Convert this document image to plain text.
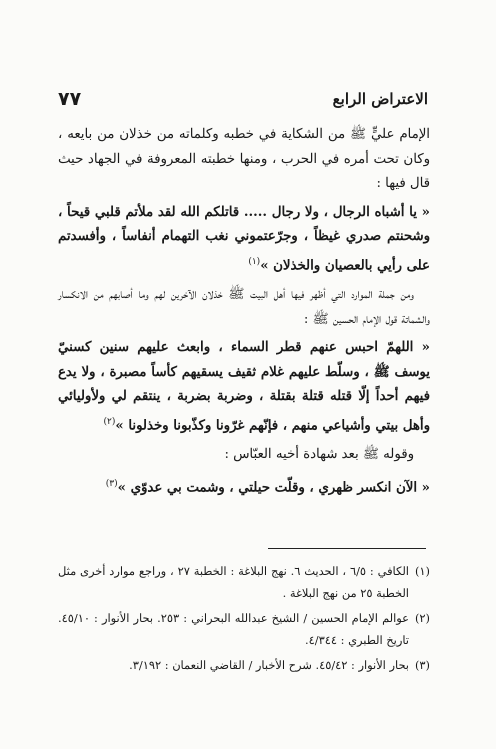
٧٧	الاعتراض الرابع

الإمام عليٍّ ﷺ من الشكاية في خطبه وكلماته من خذلان من بايعه ، وكان تحت أمره في الحرب ، ومنها خطبته المعروفة في الجهاد حيث قال فيها :

« يا أشباه الرجال ، ولا رجال ..... قاتلكم الله لقد ملأتم قلبي قيحاً ، وشحنتم صدري غيظاً ، وجرّعتموني نغب التهمام أنفاساً ، وأفسدتم على رأيي بالعصيان والخذلان »$^{(١)}$

ومن جملة الموارد التي أظهر فيها أهل البيت ﷺ خذلان الآخرين لهم وما أصابهم من الانكسار والشماتة قول الإمام الحسين ﷺ :

« اللهمّ احبس عنهم قطر السماء ، وابعث عليهم سنين كسنيّ يوسف ﷺ ، وسلّط عليهم غلام ثقيف يسقيهم كأساً مصبرة ، ولا يدع فيهم أحداً إلّا قتله قتلة بقتلة ، وضربة بضربة ، ينتقم لي ولأوليائي وأهل بيتي وأشياعي منهم ، فإنّهم غرّونا وكذّبونا وخذلونا »$^{(٢)}$

وقوله ﷺ بعد شهادة أخيه العبّاس :

« الآن انكسر ظهري ، وقلّت حيلتي ، وشمت بي عدوّي »$^{(٣)}$

(١)
الكافي : ٦/٥ ، الحديث ٦. نهج البلاغة : الخطبة ٢٧ ، وراجع موارد أخرى مثل الخطبة ٢٥ من نهج البلاغة .
(٢)
عوالم الإمام الحسين / الشيخ عبدالله البحراني : ٢٥٣. بحار الأنوار : ٤٥/١٠. تاريخ الطبري : ٤/٣٤٤.
(٣)
بحار الأنوار : ٤٥/٤٢. شرح الأخبار / القاضي النعمان : ٣/١٩٢.
